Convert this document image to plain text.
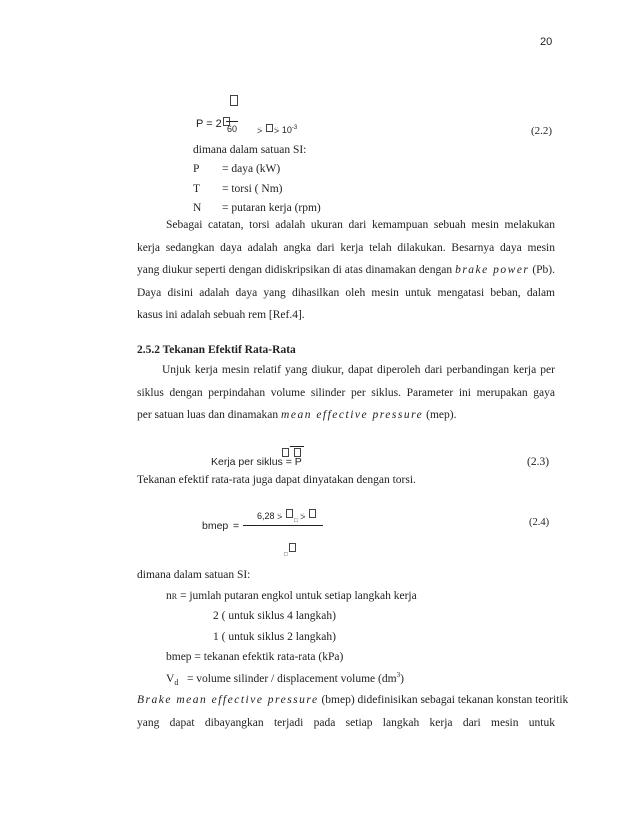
20
P = 2 60 ⍩ ⍩ $10^{-3}$	(2.2)
dimana dalam satuan SI:
P = daya (kW)
T = torsi ( Nm)
N = putaran kerja (rpm)
Sebagai catatan, torsi adalah ukuran dari kemampuan sebuah mesin melakukan
kerja sedangkan daya adalah angka dari kerja telah dilakukan. Besarnya daya mesin
yang diukur seperti dengan didiskripsikan di atas dinamakan dengan brake power (Pb).
Daya disini adalah daya yang dihasilkan oleh mesin untuk mengatasi beban, dalam
kasus ini adalah sebuah rem [Ref.4].
2.5.2 Tekanan Efektif Rata-Rata
Unjuk kerja mesin relatif yang diukur, dapat diperoleh dari perbandingan kerja per
siklus dengan perpindahan volume silinder per siklus. Parameter ini merupakan gaya
per satuan luas dan dinamakan mean effective pressure (mep).
Kerja per siklus = P	(2.3)
Tekanan efektif rata-rata juga dapat dinyatakan dengan torsi.
6,28 ⍩ $_□$ ⍩
bmep =
$_□$
(2.4)
dimana dalam satuan SI:
nR = jumlah putaran engkol untuk setiap langkah kerja
2 ( untuk siklus 4 langkah)
1 ( untuk siklus 2 langkah)
bmep = tekanan efektik rata-rata (kPa)
$V_d$ = volume silinder / displacement volume $(dm^3)$
Brake mean effective pressure (bmep) didefinisikan sebagai tekanan konstan teoritik
yang dapat dibayangkan terjadi pada setiap langkah kerja dari mesin untuk
